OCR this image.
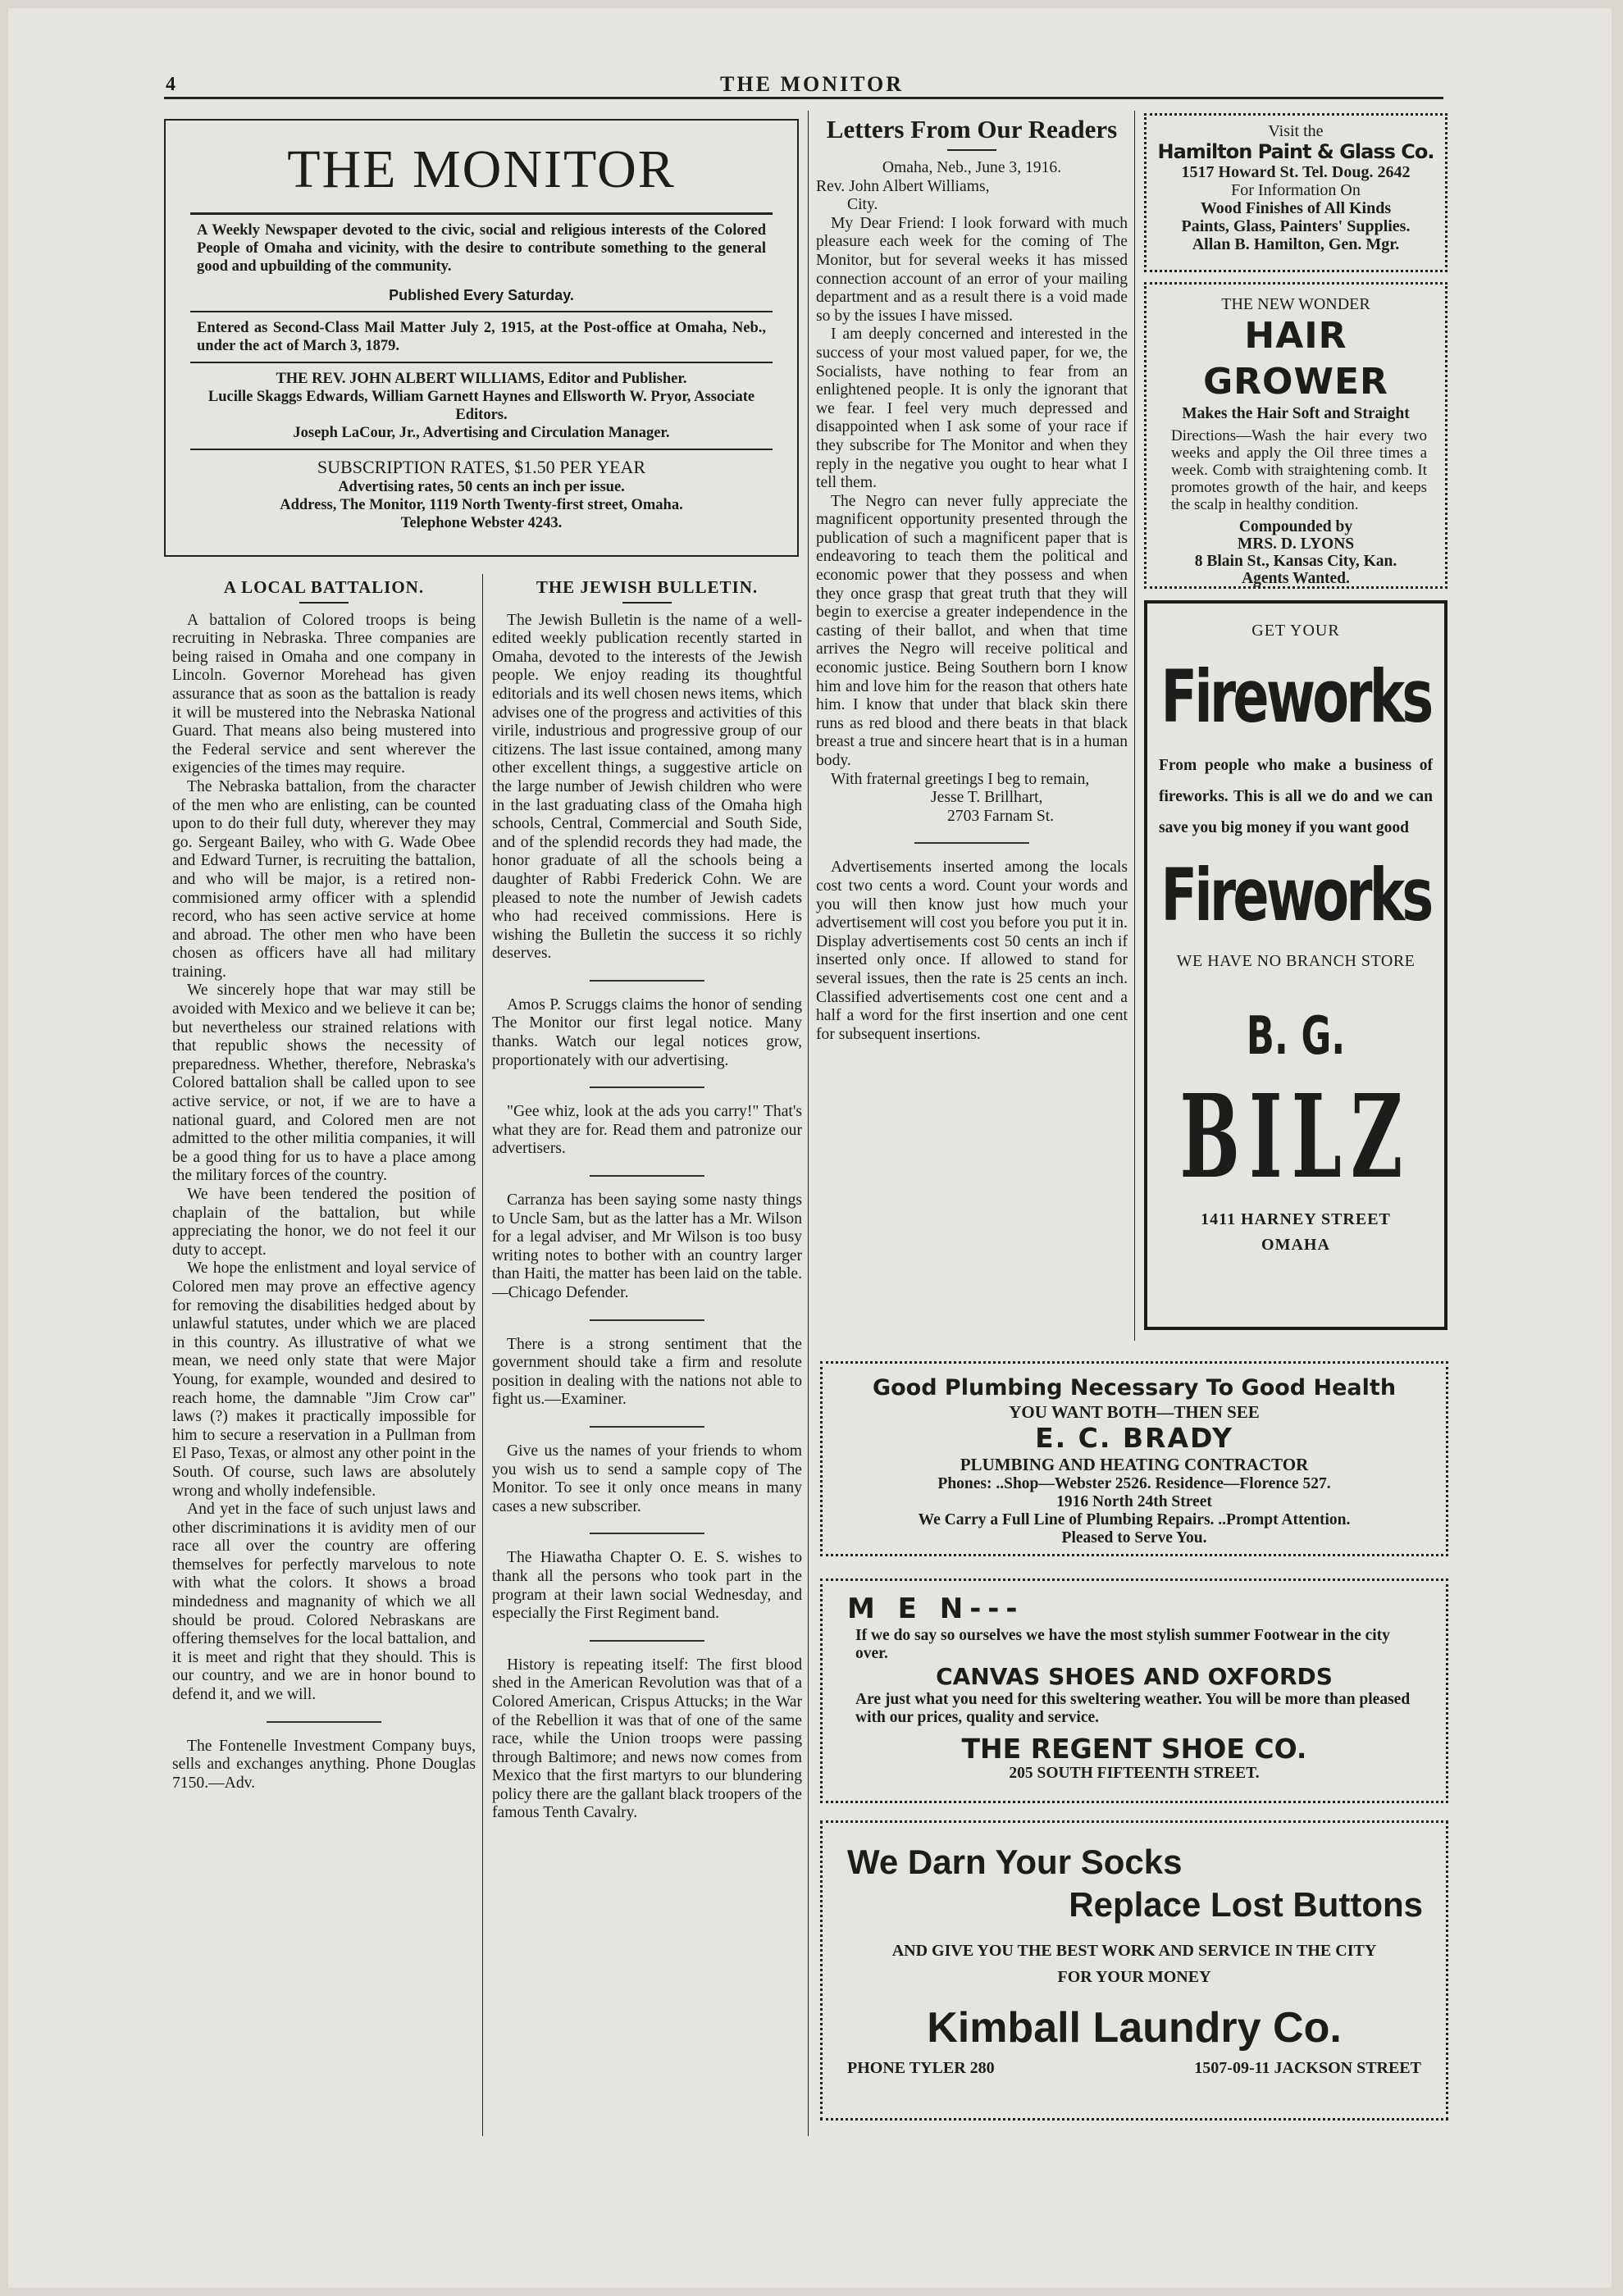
4	THE MONITOR
THE MONITOR
A Weekly Newspaper devoted to the civic, social and religious interests of the Colored People of Omaha and vicinity, with the desire to contribute something to the general good and upbuilding of the community.
Published Every Saturday.
Entered as Second-Class Mail Matter July 2, 1915, at the Post-office at Omaha, Neb., under the act of March 3, 1879.
THE REV. JOHN ALBERT WILLIAMS, Editor and Publisher.
Lucille Skaggs Edwards, William Garnett Haynes and Ellsworth W. Pryor, Associate Editors.
Joseph LaCour, Jr., Advertising and Circulation Manager.
SUBSCRIPTION RATES, $1.50 PER YEAR
Advertising rates, 50 cents an inch per issue.
Address, The Monitor, 1119 North Twenty-first street, Omaha.
Telephone Webster 4243.
A LOCAL BATTALION.

A battalion of Colored troops is being recruiting in Nebraska. Three companies are being raised in Omaha and one company in Lincoln. Governor Morehead has given assurance that as soon as the battalion is ready it will be mustered into the Nebraska National Guard. That means also being mustered into the Federal service and sent wherever the exigencies of the times may require.

The Nebraska battalion, from the character of the men who are enlisting, can be counted upon to do their full duty, wherever they may go. Sergeant Bailey, who with G. Wade Obee and Edward Turner, is recruiting the battalion, and who will be major, is a retired non-commisioned army officer with a splendid record, who has seen active service at home and abroad. The other men who have been chosen as officers have all had military training.

We sincerely hope that war may still be avoided with Mexico and we believe it can be; but nevertheless our strained relations with that republic shows the necessity of preparedness. Whether, therefore, Nebraska's Colored battalion shall be called upon to see active service, or not, if we are to have a national guard, and Colored men are not admitted to the other militia companies, it will be a good thing for us to have a place among the military forces of the country.

We have been tendered the position of chaplain of the battalion, but while appreciating the honor, we do not feel it our duty to accept.

We hope the enlistment and loyal service of Colored men may prove an effective agency for removing the disabilities hedged about by unlawful statutes, under which we are placed in this country. As illustrative of what we mean, we need only state that were Major Young, for example, wounded and desired to reach home, the damnable "Jim Crow car" laws (?) makes it practically impossible for him to secure a reservation in a Pullman from El Paso, Texas, or almost any other point in the South. Of course, such laws are absolutely wrong and wholly indefensible.

And yet in the face of such unjust laws and other discriminations it is avidity men of our race all over the country are offering themselves for perfectly marvelous to note with what the colors. It shows a broad mindedness and magnanity of which we all should be proud. Colored Nebraskans are offering themselves for the local battalion, and it is meet and right that they should. This is our country, and we are in honor bound to defend it, and we will.

The Fontenelle Investment Company buys, sells and exchanges anything. Phone Douglas 7150.—Adv.

THE JEWISH BULLETIN.

The Jewish Bulletin is the name of a well-edited weekly publication recently started in Omaha, devoted to the interests of the Jewish people. We enjoy reading its thoughtful editorials and its well chosen news items, which advises one of the progress and activities of this virile, industrious and progressive group of our citizens. The last issue contained, among many other excellent things, a suggestive article on the large number of Jewish children who were in the last graduating class of the Omaha high schools, Central, Commercial and South Side, and of the splendid records they had made, the honor graduate of all the schools being a daughter of Rabbi Frederick Cohn. We are pleased to note the number of Jewish cadets who had received commissions. Here is wishing the Bulletin the success it so richly deserves.

Amos P. Scruggs claims the honor of sending The Monitor our first legal notice. Many thanks. Watch our legal notices grow, proportionately with our advertising.

"Gee whiz, look at the ads you carry!" That's what they are for. Read them and patronize our advertisers.

Carranza has been saying some nasty things to Uncle Sam, but as the latter has a Mr. Wilson for a legal adviser, and Mr Wilson is too busy writing notes to bother with an country larger than Haiti, the matter has been laid on the table.—Chicago Defender.

There is a strong sentiment that the government should take a firm and resolute position in dealing with the nations not able to fight us.—Examiner.

Give us the names of your friends to whom you wish us to send a sample copy of The Monitor. To see it only once means in many cases a new subscriber.

The Hiawatha Chapter O. E. S. wishes to thank all the persons who took part in the program at their lawn social Wednesday, and especially the First Regiment band.

History is repeating itself: The first blood shed in the American Revolution was that of a Colored American, Crispus Attucks; in the War of the Rebellion it was that of one of the same race, while the Union troops were passing through Baltimore; and news now comes from Mexico that the first martyrs to our blundering policy there are the gallant black troopers of the famous Tenth Cavalry.

Letters From Our Readers
Omaha, Neb., June 3, 1916.
Rev. John Albert Williams,
City.

My Dear Friend: I look forward with much pleasure each week for the coming of The Monitor, but for several weeks it has missed connection account of an error of your mailing department and as a result there is a void made so by the issues I have missed.

I am deeply concerned and interested in the success of your most valued paper, for we, the Socialists, have nothing to fear from an enlightened people. It is only the ignorant that we fear. I feel very much depressed and disappointed when I ask some of your race if they subscribe for The Monitor and when they reply in the negative you ought to hear what I tell them.

The Negro can never fully appreciate the magnificent opportunity presented through the publication of such a magnificent paper that is endeavoring to teach them the political and economic power that they possess and when they once grasp that great truth that they will begin to exercise a greater independence in the casting of their ballot, and when that time arrives the Negro will receive political and economic justice. Being Southern born I know him and love him for the reason that others hate him. I know that under that black skin there runs as red blood and there beats in that black breast a true and sincere heart that is in a human body.

With fraternal greetings I beg to remain,

Jesse T. Brillhart,
2703 Farnam St.

Advertisements inserted among the locals cost two cents a word. Count your words and you will then know just how much your advertisement will cost you before you put it in. Display advertisements cost 50 cents an inch if inserted only once. If allowed to stand for several issues, then the rate is 25 cents an inch. Classified advertisements cost one cent and a half a word for the first insertion and one cent for subsequent insertions.

Visit the
Hamilton Paint & Glass Co.
1517 Howard St. Tel. Doug. 2642
For Information On
Wood Finishes of All Kinds
Paints, Glass, Painters' Supplies.
Allan B. Hamilton, Gen. Mgr.
THE NEW WONDER
HAIR GROWER
Makes the Hair Soft and Straight
Directions—Wash the hair every two weeks and apply the Oil three times a week. Comb with straightening comb. It promotes growth of the hair, and keeps the scalp in healthy condition.
Compounded by
MRS. D. LYONS
8 Blain St., Kansas City, Kan.
Agents Wanted.
GET YOUR
Fireworks
From people who make a business of fireworks. This is all we do and we can save you big money if you want good
Fireworks
WE HAVE NO BRANCH STORE
B. G.
BILZ
1411 HARNEY STREET
OMAHA
Good Plumbing Necessary To Good Health
YOU WANT BOTH—THEN SEE
E. C. BRADY
PLUMBING AND HEATING CONTRACTOR
Phones: ..Shop—Webster 2526. Residence—Florence 527.
1916 North 24th Street
We Carry a Full Line of Plumbing Repairs. ..Prompt Attention.
Pleased to Serve You.
M E N---
If we do say so ourselves we have the most stylish summer Footwear in the city over.
CANVAS SHOES AND OXFORDS
Are just what you need for this sweltering weather. You will be more than pleased with our prices, quality and service.
THE REGENT SHOE CO.
205 SOUTH FIFTEENTH STREET.
We Darn Your Socks
Replace Lost Buttons
AND GIVE YOU THE BEST WORK AND SERVICE IN THE CITY
FOR YOUR MONEY
Kimball Laundry Co.
PHONE TYLER 280	1507-09-11 JACKSON STREET
